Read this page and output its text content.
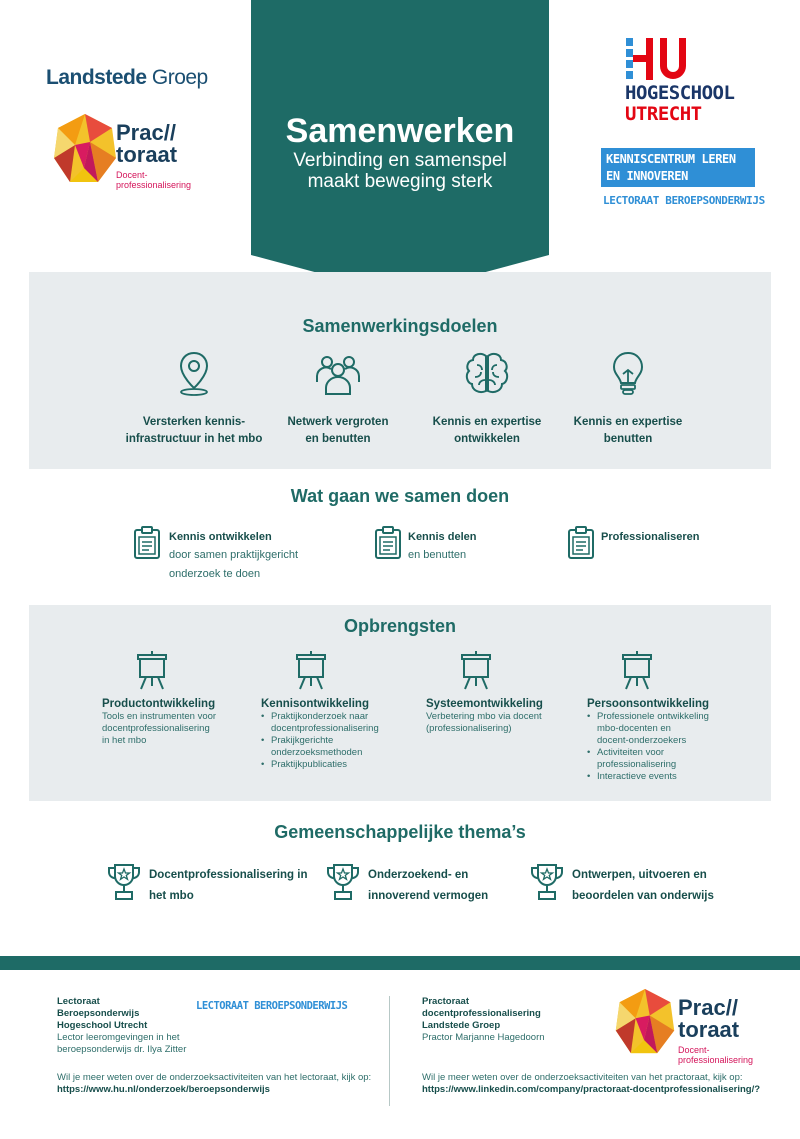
Landstede Groep
Prac//
toraat
Docent-
professionalisering
Samenwerken
Verbinding en samenspel
maakt beweging sterk
HOGESCHOOL
UTRECHT
KENNISCENTRUM LEREN
EN INNOVEREN
LECTORAAT BEROEPSONDERWIJS
Samenwerkingsdoelen
Versterken kennis-
infrastructuur in het mbo
Netwerk vergroten
en benutten
Kennis en expertise
ontwikkelen
Kennis en expertise
benutten
Wat gaan we samen doen
Kennis ontwikkelen
door samen praktijkgericht
onderzoek te doen
Kennis delen
en benutten
Professionaliseren
Opbrengsten
Productontwikkeling
Tools en instrumenten voor
docentprofessionalisering
in het mbo
Kennisontwikkeling
• Praktijkonderzoek naar
docentprofessionalisering
• Prakijkgerichte
onderzoeksmethoden
• Praktijkpublicaties
Systeemontwikkeling
Verbetering mbo via docent
(professionalisering)
Persoonsontwikkeling
• Professionele ontwikkeling
mbo-docenten en
docent-onderzoekers
• Activiteiten voor
professionalisering
• Interactieve events
Gemeenschappelijke thema’s
Docentprofessionalisering in
het mbo
Onderzoekend- en
innoverend vermogen
Ontwerpen, uitvoeren en
beoordelen van onderwijs
Lectoraat
Beroepsonderwijs
Hogeschool Utrecht
Lector leeromgevingen in het
beroepsonderwijs dr. Ilya Zitter
LECTORAAT BEROEPSONDERWIJS
Wil je meer weten over de onderzoeksactiviteiten van het lectoraat, kijk op:
https://www.hu.nl/onderzoek/beroepsonderwijs
Practoraat
docentprofessionalisering
Landstede Groep
Practor Marjanne Hagedoorn
Wil je meer weten over de onderzoeksactiviteiten van het practoraat, kijk op:
https://www.linkedin.com/company/practoraat-docentprofessionalisering/?
Prac//
toraat
Docent-
professionalisering
